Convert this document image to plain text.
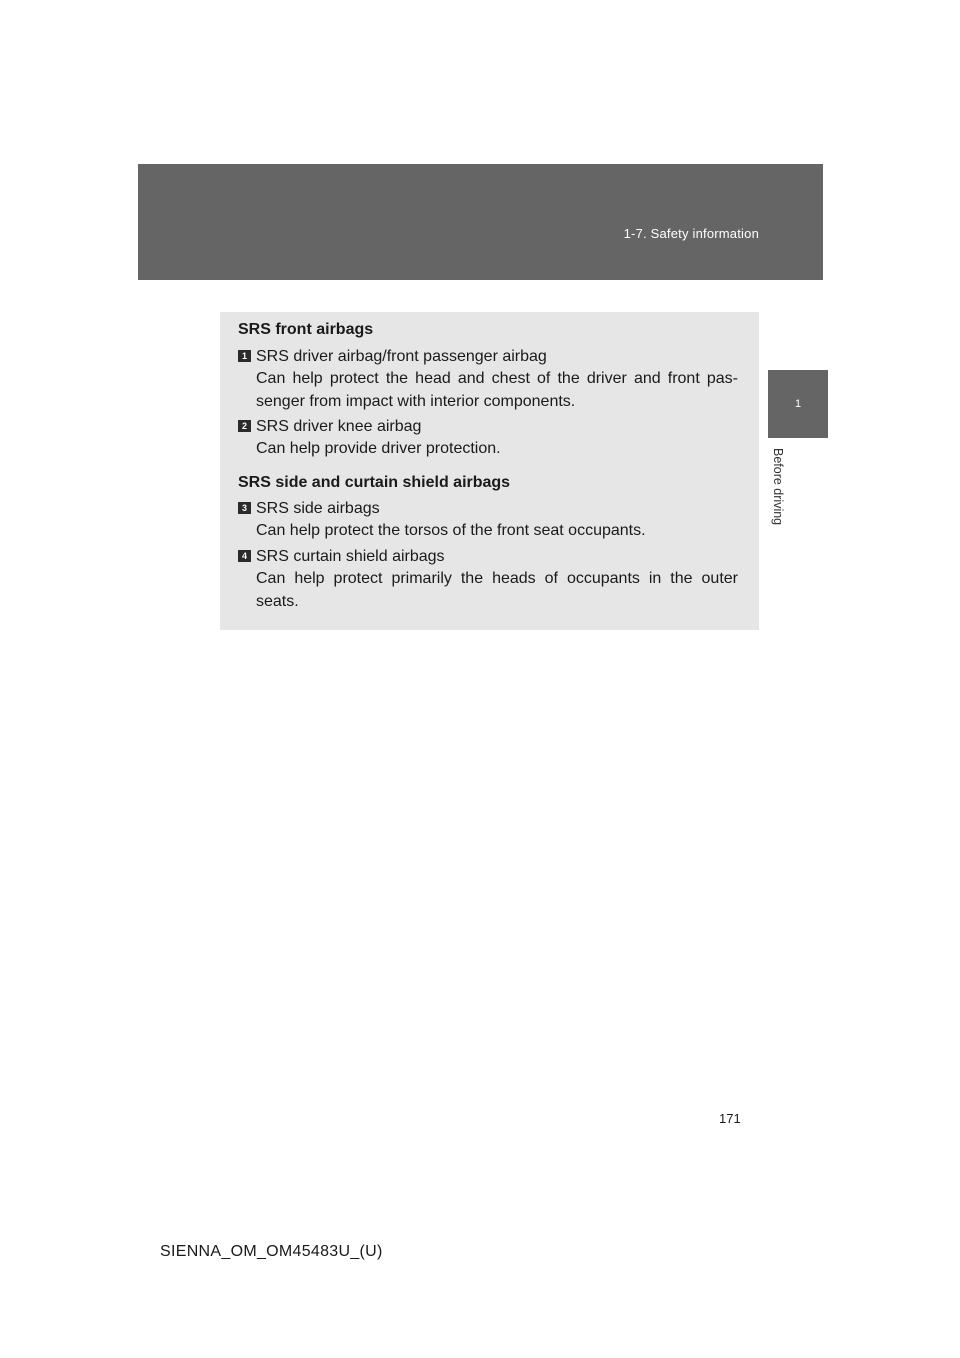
1-7. Safety information
1
Before driving
SRS front airbags
1 SRS driver airbag/front passenger airbag
Can help protect the head and chest of the driver and front pas-senger from impact with interior components.
2 SRS driver knee airbag
Can help provide driver protection.
SRS side and curtain shield airbags
3 SRS side airbags
Can help protect the torsos of the front seat occupants.
4 SRS curtain shield airbags
Can help protect primarily the heads of occupants in the outer seats.
171
SIENNA_OM_OM45483U_(U)
